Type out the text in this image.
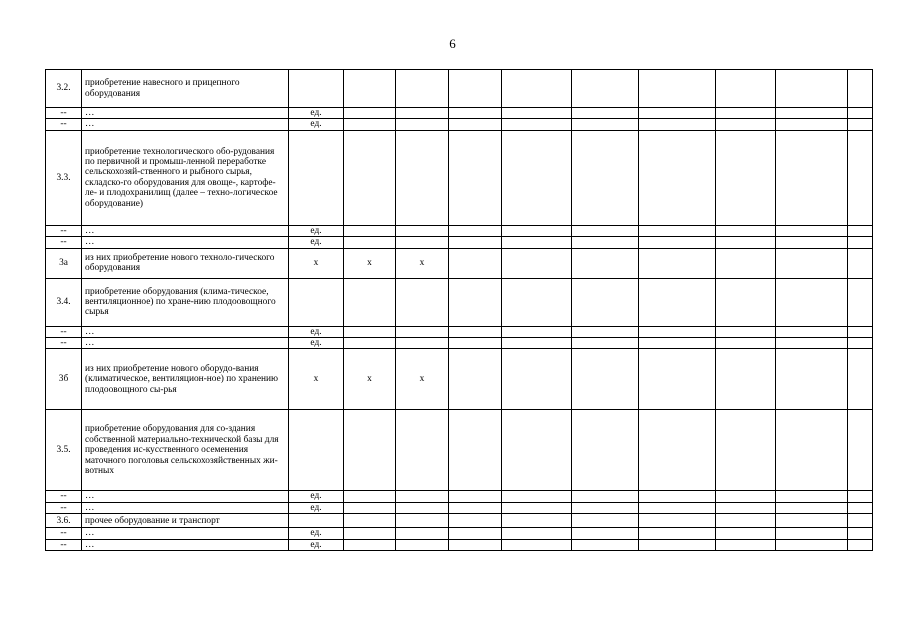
6
3.2.	приобретение навесного и прицепного оборудования										
--	…	ед.									
--	…	ед.									
3.3.	приобретение технологического обо-рудования по первичной и промыш-ленной переработке сельскохозяй-ственного и рыбного сырья, складско-го оборудования для овоще-, картофе-ле- и плодохранилищ (далее – техно-логическое оборудование)										
--	…	ед.									
--	…	ед.									
3а	из них приобретение нового техноло-гического оборудования	х	х	х							
3.4.	приобретение оборудования (клима-тическое, вентиляционное) по хране-нию плодоовощного сырья										
--	…	ед.									
--	…	ед.									
3б	из них приобретение нового оборудо-вания (климатическое, вентиляцион-ное) по хранению плодоовощного сы-рья	х	х	х							
3.5.	приобретение оборудования для со-здания собственной материально-технической базы для проведения ис-кусственного осеменения маточного поголовья сельскохозяйственных жи-вотных										
--	…	ед.									
--	…	ед.									
3.6.	прочее оборудование и транспорт										
--	…	ед.									
--	…	ед.									
